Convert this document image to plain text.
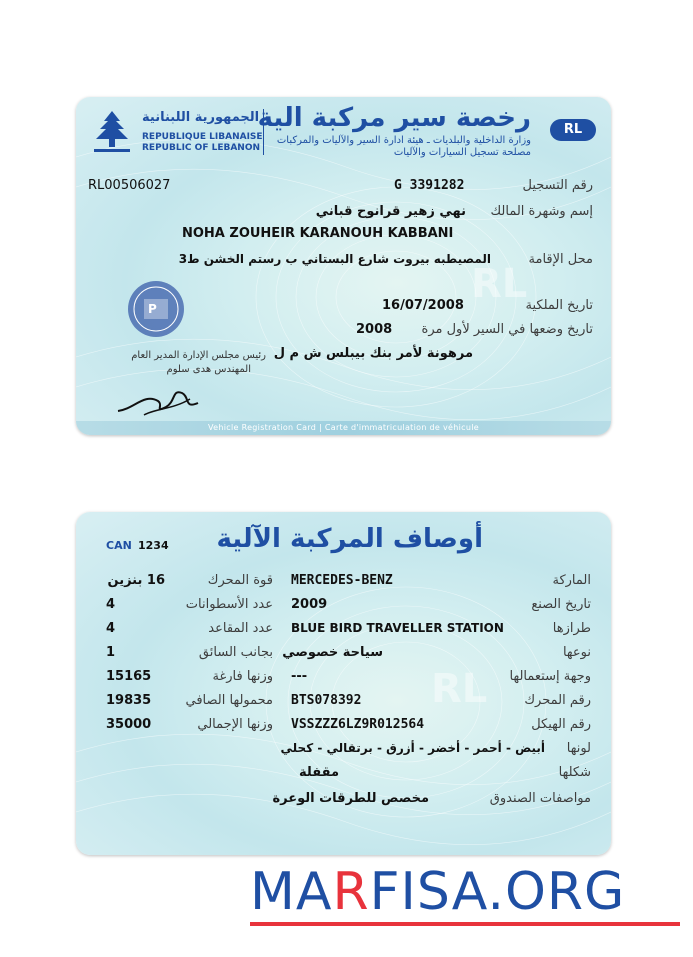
RL
الجمهورية اللبنانية
REPUBLIQUE LIBANAISE
REPUBLIC OF LEBANON
رخصة سير مركبة الية	RL
وزارة الداخلية والبلديات ـ هيئة ادارة السير والآليات والمركبات
مصلحة تسجيل السيارات والآليات
RL00506027	رقم التسجيل
G 3391282
إسم وشهرة المالك
نهي زهير قرانوح قباني
NOHA ZOUHEIR KARANOUH KABBANI
محل الإقامة
المصيطبه بيروت شارع البستاني ب رستم الخشن ط3
تاريخ الملكية
16/07/2008
تاريخ وضعها في السير لأول مرة
2008
مرهونة لأمر بنك بيبلس ش م ل
P
رئيس مجلس الإدارة المدير العام
المهندس هدى سلوم
Vehicle Registration Card | Carte d'immatriculation de véhicule
RL
CAN 1234 أوصاف المركبة الآلية
الماركة
MERCEDES-BENZ
تاريخ الصنع
2009
طرازها
BLUE BIRD TRAVELLER STATION
نوعها
سياحة خصوصي
وجهة إستعمالها
---
رقم المحرك
BTS078392
رقم الهيكل
VSSZZZ6LZ9R012564
لونها
أبيض - أحمر - أخضر - أزرق - برتقالي - كحلي
شكلها
مقفلة
مواصفات الصندوق
مخصص للطرقات الوعرة
قوة المحرك
16 بنزين
عدد الأسطوانات
4
عدد المقاعد
4
بجانب السائق
1
وزنها فارغة
15165
محمولها الصافي
19835
وزنها الإجمالي
35000
MARFISA.ORG
